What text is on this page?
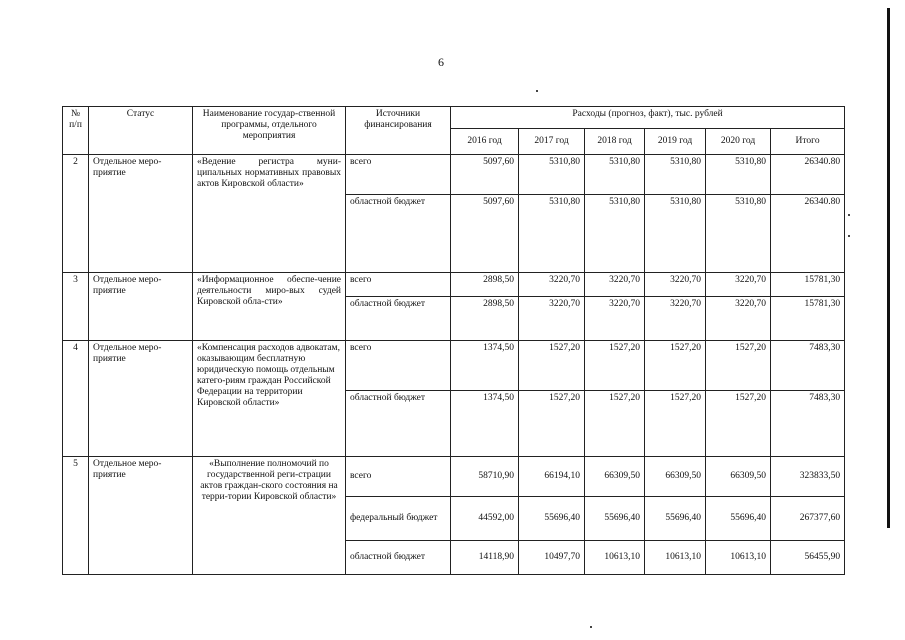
6
№ п/п	Статус	Наименование государ-ственной программы, отдельного мероприятия	Источники финансирования	Расходы (прогноз, факт), тыс. рублей					
				2016 год	2017 год	2018 год	2019 год	2020 год	Итого
2	Отдельное меро-приятие	«Ведение регистра муни-ципальных нормативных правовых актов Кировской области»	всего	5097,60	5310,80	5310,80	5310,80	5310,80	26340.80
			областной бюджет	5097,60	5310,80	5310,80	5310,80	5310,80	26340.80
3	Отдельное меро-приятие	«Информационное обеспе-чение деятельности миро-вых судей Кировской обла-сти»	всего	2898,50	3220,70	3220,70	3220,70	3220,70	15781,30
			областной бюджет	2898,50	3220,70	3220,70	3220,70	3220,70	15781,30
4	Отдельное меро-приятие	«Компенсация расходов адвокатам, оказывающим бесплатную юридическую помощь отдельным катего-риям граждан Российской Федерации на территории Кировской области»	всего	1374,50	1527,20	1527,20	1527,20	1527,20	7483,30
			областной бюджет	1374,50	1527,20	1527,20	1527,20	1527,20	7483,30
5	Отдельное меро-приятие	«Выполнение полномочий по государственной реги-страции актов граждан-ского состояния на терри-тории Кировской области»	всего	58710,90	66194,10	66309,50	66309,50	66309,50	323833,50
			федеральный бюджет	44592,00	55696,40	55696,40	55696,40	55696,40	267377,60
			областной бюджет	14118,90	10497,70	10613,10	10613,10	10613,10	56455,90
